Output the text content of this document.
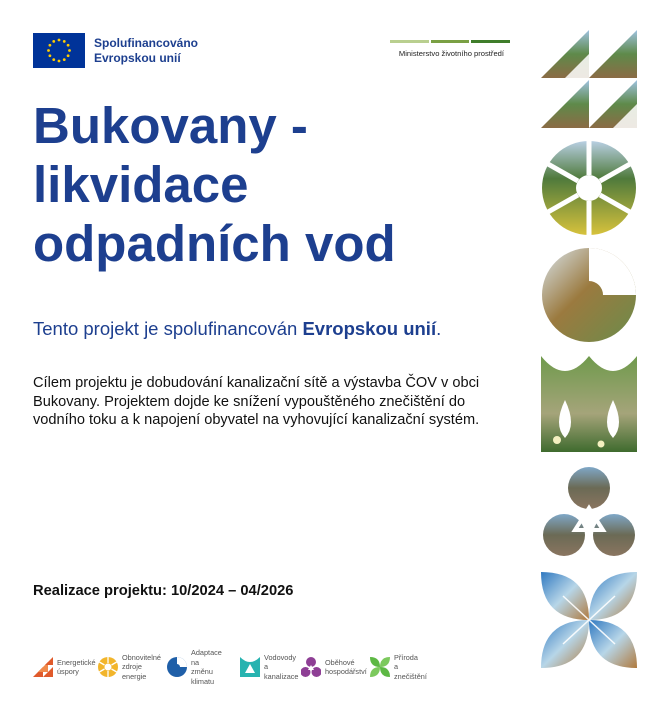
Spolufinancováno
Evropskou unií	Ministerstvo životního prostředí
Bukovany -
likvidace
odpadních vod
Tento projekt je spolufinancován Evropskou unií.
Cílem projektu je dobudování kanalizační sítě a výstavba ČOV v obci Bukovany. Projektem dojde ke snížení vypouštěného znečištění do vodního toku a k napojení obyvatel na vyhovující kanalizační systém.
Realizace projektu: 10/2024 – 04/2026
Energetické
úspory
Obnovitelné
zdroje energie
Adaptace na
změnu klimatu
Vodovody
a kanalizace
Oběhové
hospodářství
Příroda
a znečištění
